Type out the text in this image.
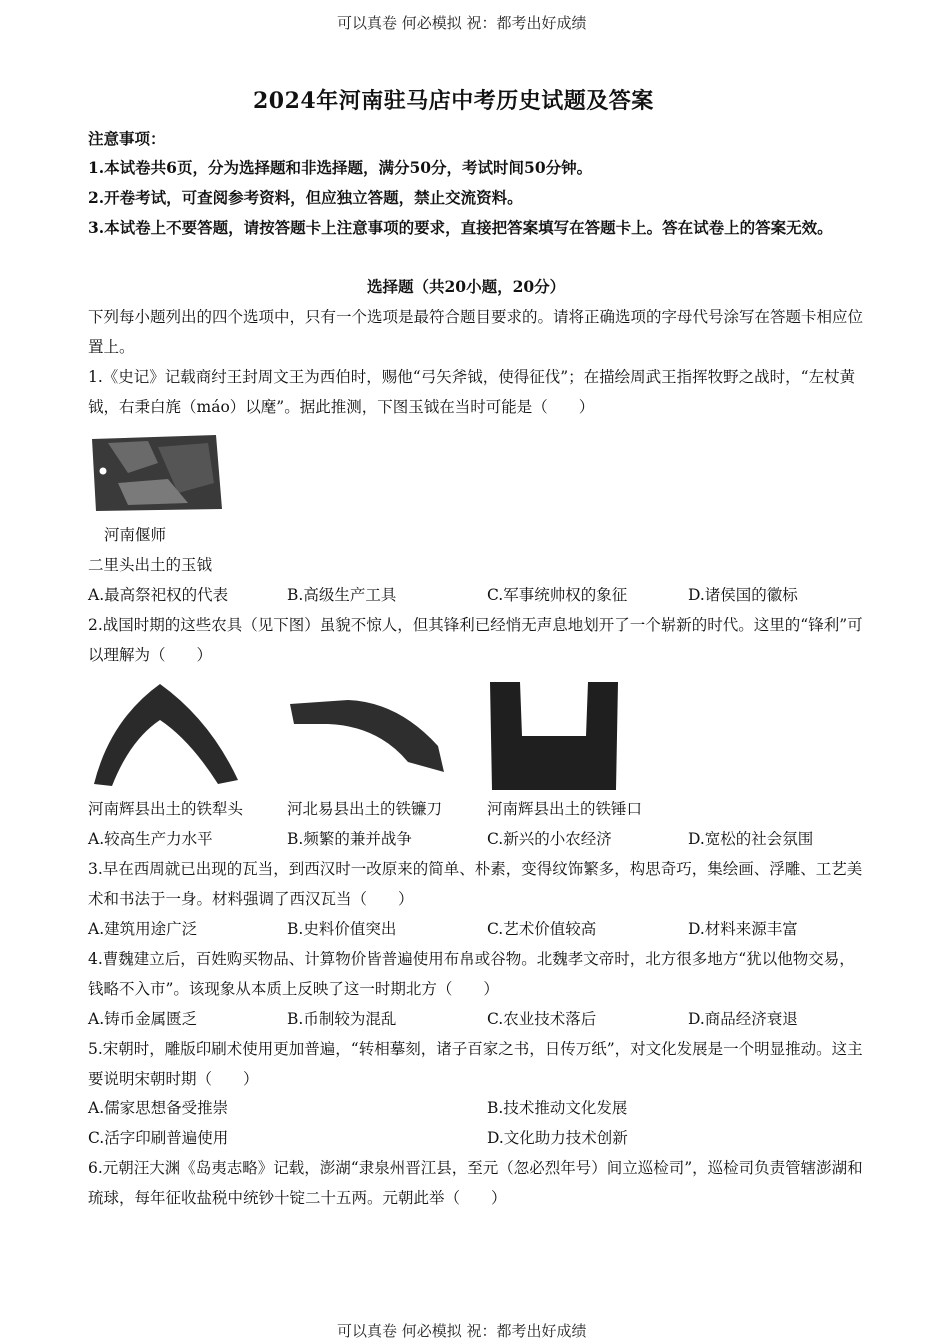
可以真卷 何必模拟 祝：都考出好成绩
2024年河南驻马店中考历史试题及答案
注意事项：
1.本试卷共6页，分为选择题和非选择题，满分50分，考试时间50分钟。
2.开卷考试，可查阅参考资料，但应独立答题，禁止交流资料。
3.本试卷上不要答题，请按答题卡上注意事项的要求，直接把答案填写在答题卡上。答在试卷上的答案无效。
选择题（共20小题，20分）
下列每小题列出的四个选项中，只有一个选项是最符合题目要求的。请将正确选项的字母代号涂写在答题卡相应位置上。
1.《史记》记载商纣王封周文王为西伯时，赐他“弓矢斧钺，使得征伐”；在描绘周武王指挥牧野之战时，“左杖黄钺，右秉白旄（máo）以麾”。据此推测，下图玉钺在当时可能是（　　）
河南偃师
二里头出土的玉钺
A.最高祭祀权的代表	B.高级生产工具	C.军事统帅权的象征	D.诸侯国的徽标
2.战国时期的这些农具（见下图）虽貌不惊人，但其锋利已经悄无声息地划开了一个崭新的时代。这里的“锋利”可以理解为（　　）
河南辉县出土的铁犁头	河北易县出土的铁镰刀	河南辉县出土的铁锤口
A.较高生产力水平	B.频繁的兼并战争	C.新兴的小农经济	D.宽松的社会氛围
3.早在西周就已出现的瓦当，到西汉时一改原来的简单、朴素，变得纹饰繁多，构思奇巧，集绘画、浮雕、工艺美术和书法于一身。材料强调了西汉瓦当（　　）
A.建筑用途广泛	B.史料价值突出	C.艺术价值较高	D.材料来源丰富
4.曹魏建立后，百姓购买物品、计算物价皆普遍使用布帛或谷物。北魏孝文帝时，北方很多地方“犹以他物交易，钱略不入市”。该现象从本质上反映了这一时期北方（　　）
A.铸币金属匮乏	B.币制较为混乱	C.农业技术落后	D.商品经济衰退
5.宋朝时，雕版印刷术使用更加普遍，“转相摹刻，诸子百家之书，日传万纸”，对文化发展是一个明显推动。这主要说明宋朝时期（　　）
A.儒家思想备受推崇	B.技术推动文化发展
C.活字印刷普遍使用	D.文化助力技术创新
6.元朝汪大渊《岛夷志略》记载，澎湖“隶泉州晋江县，至元（忽必烈年号）间立巡检司”，巡检司负责管辖澎湖和琉球，每年征收盐税中统钞十锭二十五两。元朝此举（　　）
可以真卷 何必模拟 祝：都考出好成绩
